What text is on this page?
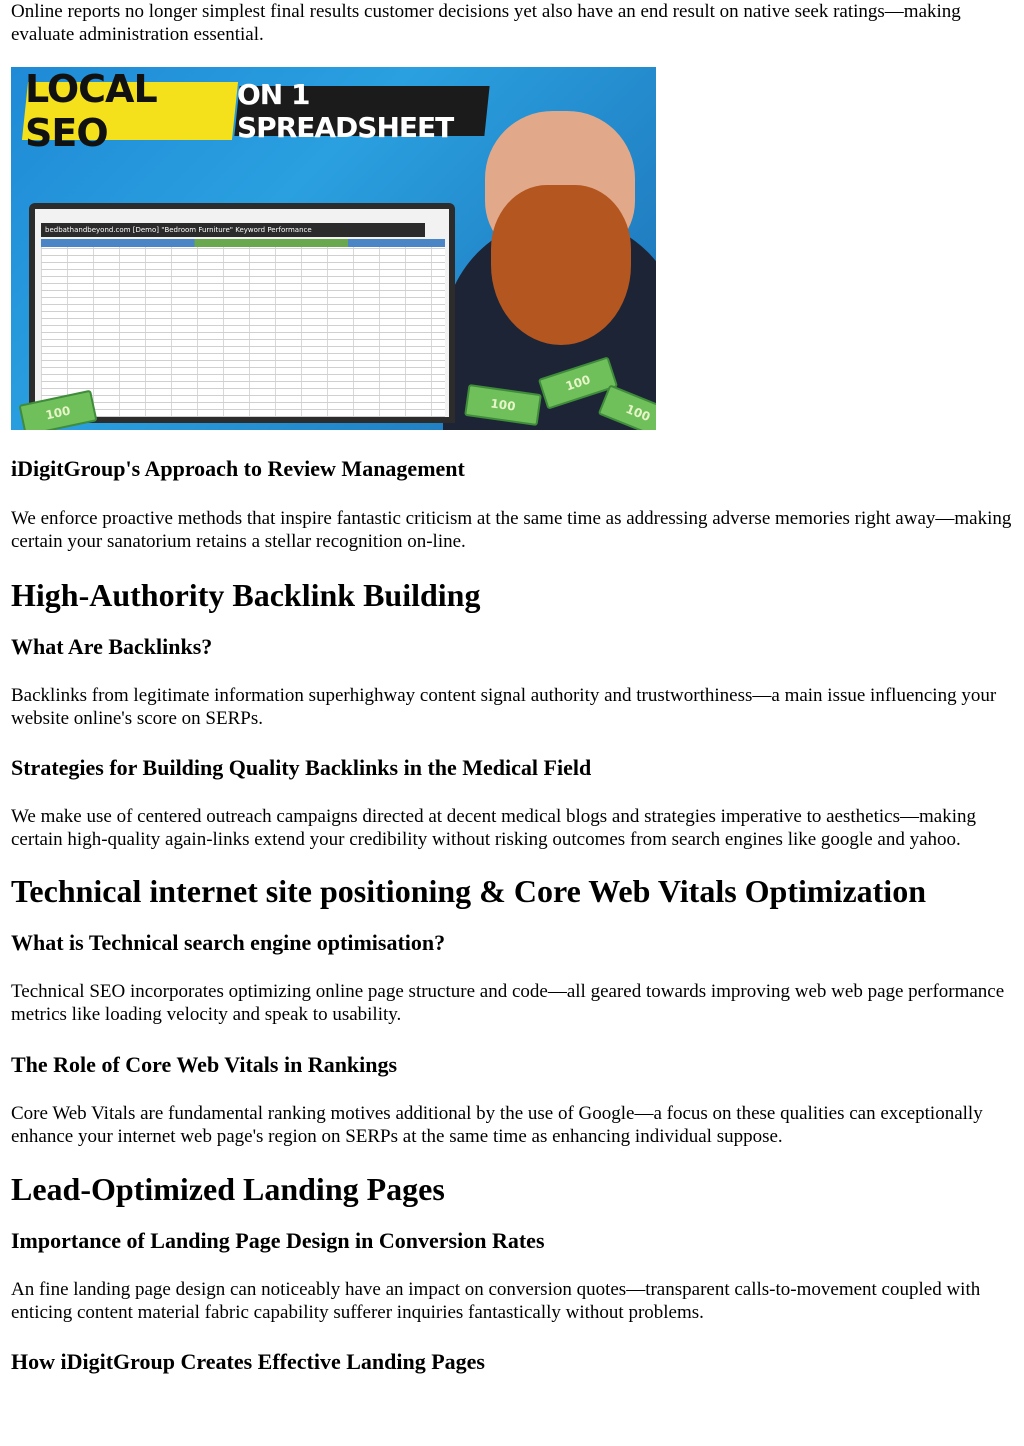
Online reports no longer simplest final results customer decisions yet also have an end result on native seek ratings—making evaluate administration essential.

LOCAL SEO
ON 1 SPREADSHEET
bedbathandbeyond.com [Demo] "Bedroom Furniture" Keyword Performance
100	100
100
100
iDigitGroup's Approach to Review Management

We enforce proactive methods that inspire fantastic criticism at the same time as addressing adverse memories right away—making certain your sanatorium retains a stellar recognition on-line.

High-Authority Backlink Building
What Are Backlinks?

Backlinks from legitimate information superhighway content signal authority and trustworthiness—a main issue influencing your website online's score on SERPs.

Strategies for Building Quality Backlinks in the Medical Field

We make use of centered outreach campaigns directed at decent medical blogs and strategies imperative to aesthetics—making certain high-quality again-links extend your credibility without risking outcomes from search engines like google and yahoo.

Technical internet site positioning & Core Web Vitals Optimization
What is Technical search engine optimisation?

Technical SEO incorporates optimizing online page structure and code—all geared towards improving web web page performance metrics like loading velocity and speak to usability.

The Role of Core Web Vitals in Rankings

Core Web Vitals are fundamental ranking motives additional by the use of Google—a focus on these qualities can exceptionally enhance your internet web page's region on SERPs at the same time as enhancing individual suppose.

Lead-Optimized Landing Pages
Importance of Landing Page Design in Conversion Rates

An fine landing page design can noticeably have an impact on conversion quotes—transparent calls-to-movement coupled with enticing content material fabric capability sufferer inquiries fantastically without problems.

How iDigitGroup Creates Effective Landing Pages
